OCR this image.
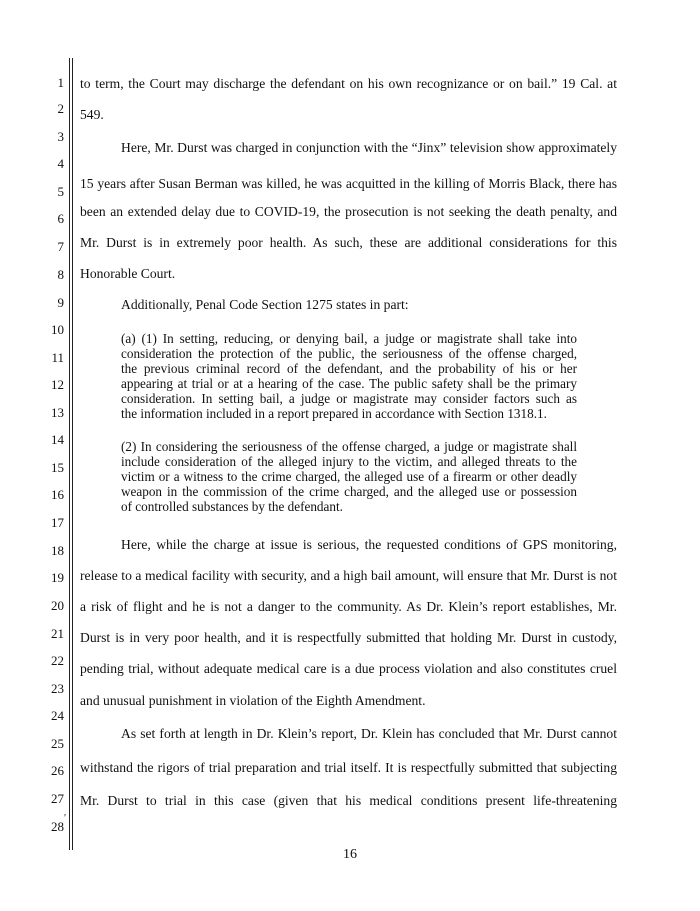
1
2
3
4
5
6
7
8
9
10
11
12
13
14
15
16
17
18
19
20
21
22
23
24
25
26
27
28
′
to term, the Court may discharge the defendant on his own recognizance or on bail.” 19 Cal. at
549.
Here, Mr. Durst was charged in conjunction with the “Jinx” television show approximately
15 years after Susan Berman was killed, he was acquitted in the killing of Morris Black, there has
been an extended delay due to COVID-19, the prosecution is not seeking the death penalty, and
Mr. Durst is in extremely poor health. As such, these are additional considerations for this
Honorable Court.
Additionally, Penal Code Section 1275 states in part:
(a) (1) In setting, reducing, or denying bail, a judge or magistrate shall take into
consideration the protection of the public, the seriousness of the offense charged,
the previous criminal record of the defendant, and the probability of his or her
appearing at trial or at a hearing of the case. The public safety shall be the primary
consideration. In setting bail, a judge or magistrate may consider factors such as
the information included in a report prepared in accordance with Section 1318.1.
(2) In considering the seriousness of the offense charged, a judge or magistrate shall
include consideration of the alleged injury to the victim, and alleged threats to the
victim or a witness to the crime charged, the alleged use of a firearm or other deadly
weapon in the commission of the crime charged, and the alleged use or possession
of controlled substances by the defendant.
Here, while the charge at issue is serious, the requested conditions of GPS monitoring,
release to a medical facility with security, and a high bail amount, will ensure that Mr. Durst is not
a risk of flight and he is not a danger to the community. As Dr. Klein’s report establishes, Mr.
Durst is in very poor health, and it is respectfully submitted that holding Mr. Durst in custody,
pending trial, without adequate medical care is a due process violation and also constitutes cruel
and unusual punishment in violation of the Eighth Amendment.
As set forth at length in Dr. Klein’s report, Dr. Klein has concluded that Mr. Durst cannot
withstand the rigors of trial preparation and trial itself. It is respectfully submitted that subjecting
Mr. Durst to trial in this case (given that his medical conditions present life-threatening
16
